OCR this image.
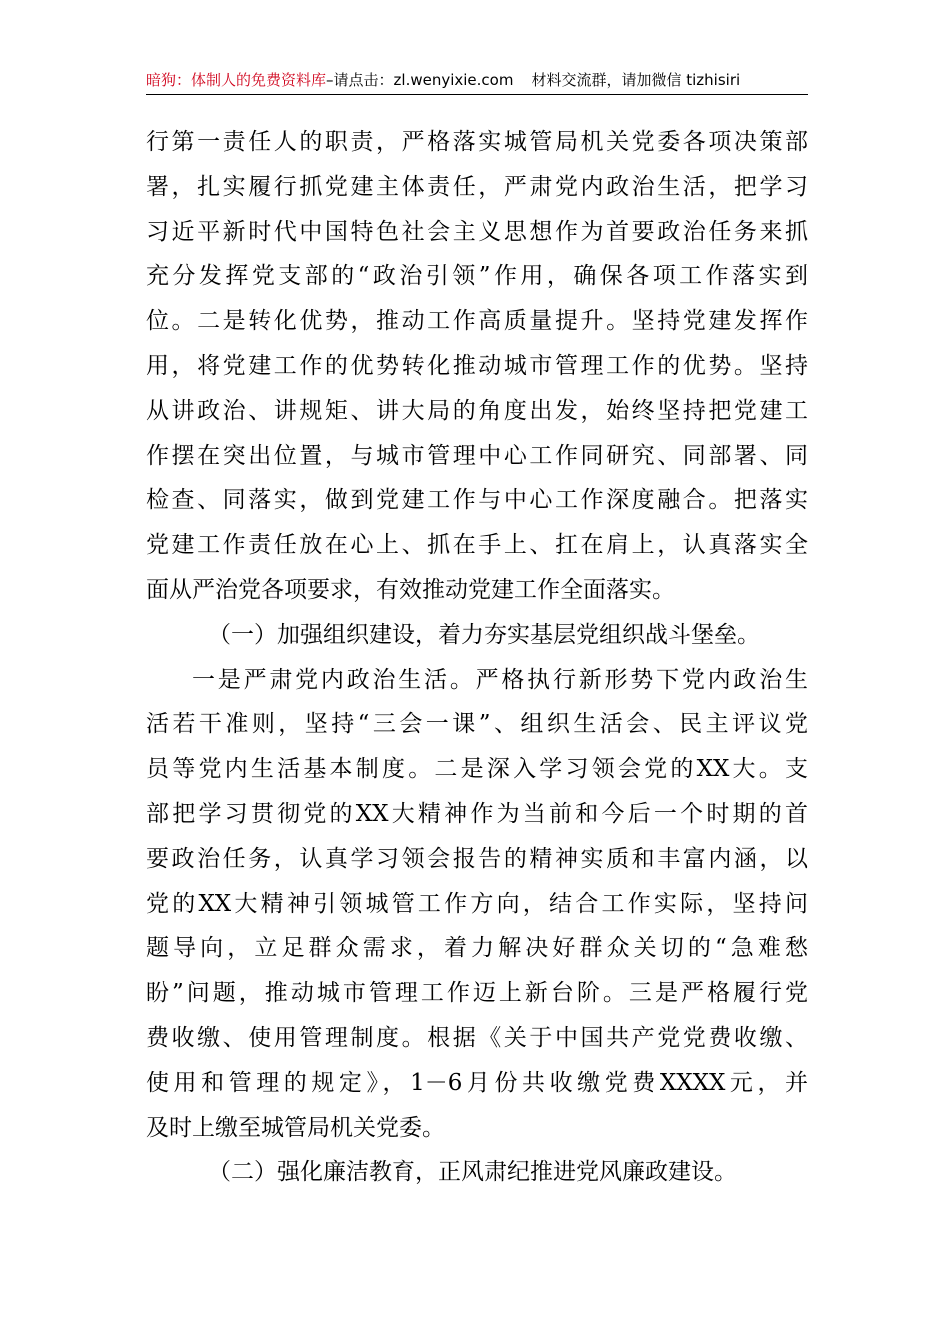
暗狗：体制人的免费资料库–请点击：zl.wenyixie.com 材料交流群，请加微信 tizhisiri
行第一责任人的职责，严格落实城管局机关党委各项决策部
署，扎实履行抓党建主体责任，严肃党内政治生活，把学习
习近平新时代中国特色社会主义思想作为首要政治任务来抓
充分发挥党支部的“政治引领”作用，确保各项工作落实到
位。二是转化优势，推动工作高质量提升。坚持党建发挥作
用，将党建工作的优势转化推动城市管理工作的优势。坚持
从讲政治、讲规矩、讲大局的角度出发，始终坚持把党建工
作摆在突出位置，与城市管理中心工作同研究、同部署、同
检查、同落实，做到党建工作与中心工作深度融合。把落实
党建工作责任放在心上、抓在手上、扛在肩上，认真落实全
面从严治党各项要求，有效推动党建工作全面落实。
（一）加强组织建设，着力夯实基层党组织战斗堡垒。
一是严肃党内政治生活。严格执行新形势下党内政治生
活若干准则，坚持“三会一课”、组织生活会、民主评议党
员等党内生活基本制度。二是深入学习领会党的XX大。支
部把学习贯彻党的XX大精神作为当前和今后一个时期的首
要政治任务，认真学习领会报告的精神实质和丰富内涵，以
党的XX大精神引领城管工作方向，结合工作实际，坚持问
题导向，立足群众需求，着力解决好群众关切的“急难愁
盼”问题，推动城市管理工作迈上新台阶。三是严格履行党
费收缴、使用管理制度。根据《关于中国共产党党费收缴、
使用和管理的规定》，1－6月份共收缴党费XXXX元，并
及时上缴至城管局机关党委。
（二）强化廉洁教育，正风肃纪推进党风廉政建设。
